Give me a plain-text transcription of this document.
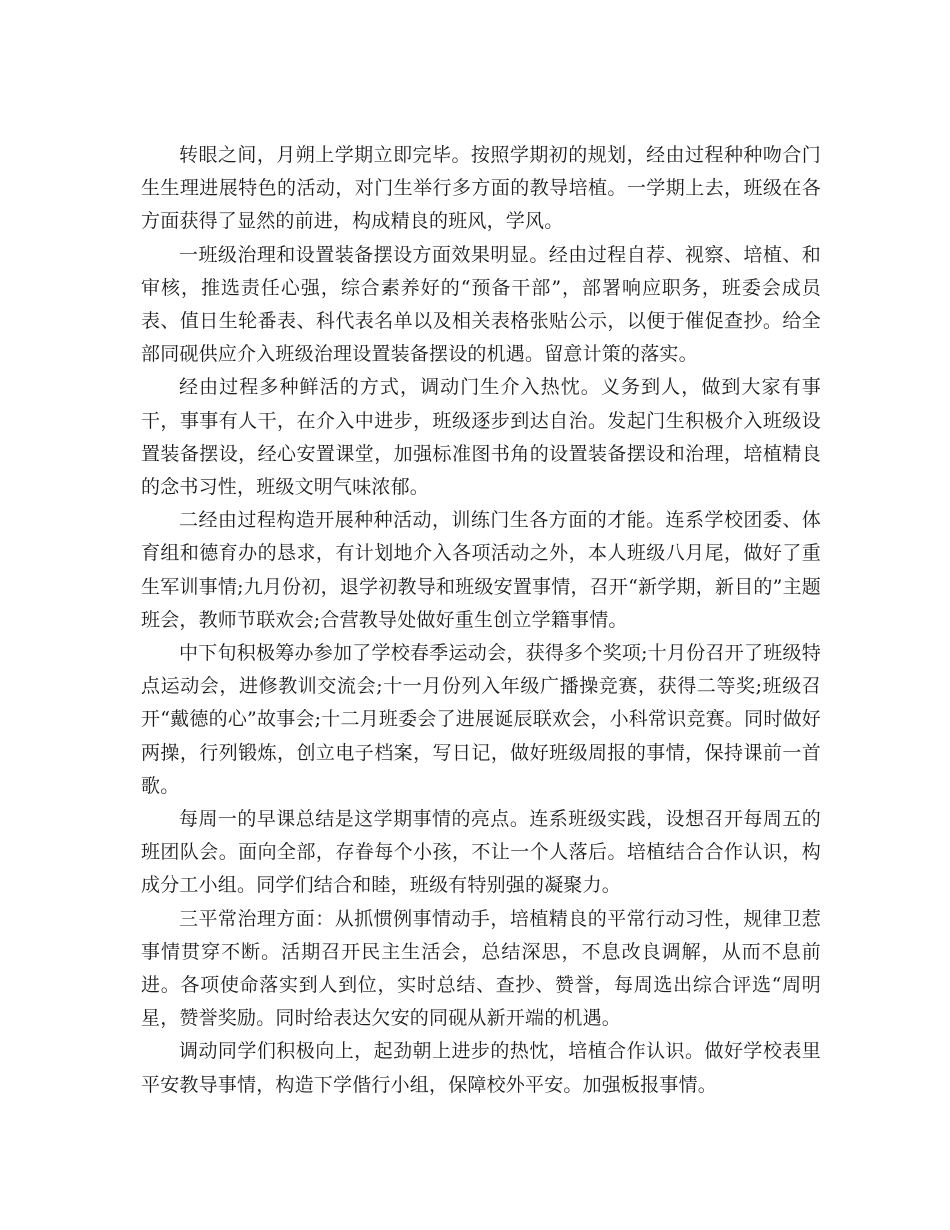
转眼之间，月朔上学期立即完毕。按照学期初的规划，经由过程种种吻合门生生理进展特色的活动，对门生举行多方面的教导培植。一学期上去，班级在各方面获得了显然的前进，构成精良的班风，学风。

一班级治理和设置装备摆设方面效果明显。经由过程自荐、视察、培植、和审核，推选责任心强，综合素养好的“预备干部”，部署响应职务，班委会成员表、值日生轮番表、科代表名单以及相关表格张贴公示，以便于催促查抄。给全部同砚供应介入班级治理设置装备摆设的机遇。留意计策的落实。

经由过程多种鲜活的方式，调动门生介入热忱。义务到人，做到大家有事干，事事有人干，在介入中进步，班级逐步到达自治。发起门生积极介入班级设置装备摆设，经心安置课堂，加强标准图书角的设置装备摆设和治理，培植精良的念书习性，班级文明气味浓郁。

二经由过程构造开展种种活动，训练门生各方面的才能。连系学校团委、体育组和德育办的恳求，有计划地介入各项活动之外，本人班级八月尾，做好了重生军训事情;九月份初，退学初教导和班级安置事情，召开“新学期，新目的”主题班会，教师节联欢会;合营教导处做好重生创立学籍事情。

中下旬积极筹办参加了学校春季运动会，获得多个奖项;十月份召开了班级特点运动会，进修教训交流会;十一月份列入年级广播操竞赛，获得二等奖;班级召开“戴德的心”故事会;十二月班委会了进展诞辰联欢会，小科常识竞赛。同时做好两操，行列锻炼，创立电子档案，写日记，做好班级周报的事情，保持课前一首歌。

每周一的早课总结是这学期事情的亮点。连系班级实践，设想召开每周五的班团队会。面向全部，存眷每个小孩，不让一个人落后。培植结合合作认识，构成分工小组。同学们结合和睦，班级有特别强的凝聚力。

三平常治理方面：从抓惯例事情动手，培植精良的平常行动习性，规律卫惹事情贯穿不断。活期召开民主生活会，总结深思，不息改良调解，从而不息前进。各项使命落实到人到位，实时总结、查抄、赞誉，每周选出综合评选“周明星，赞誉奖励。同时给表达欠安的同砚从新开端的机遇。

调动同学们积极向上，起劲朝上进步的热忱，培植合作认识。做好学校表里平安教导事情，构造下学偕行小组，保障校外平安。加强板报事情。
